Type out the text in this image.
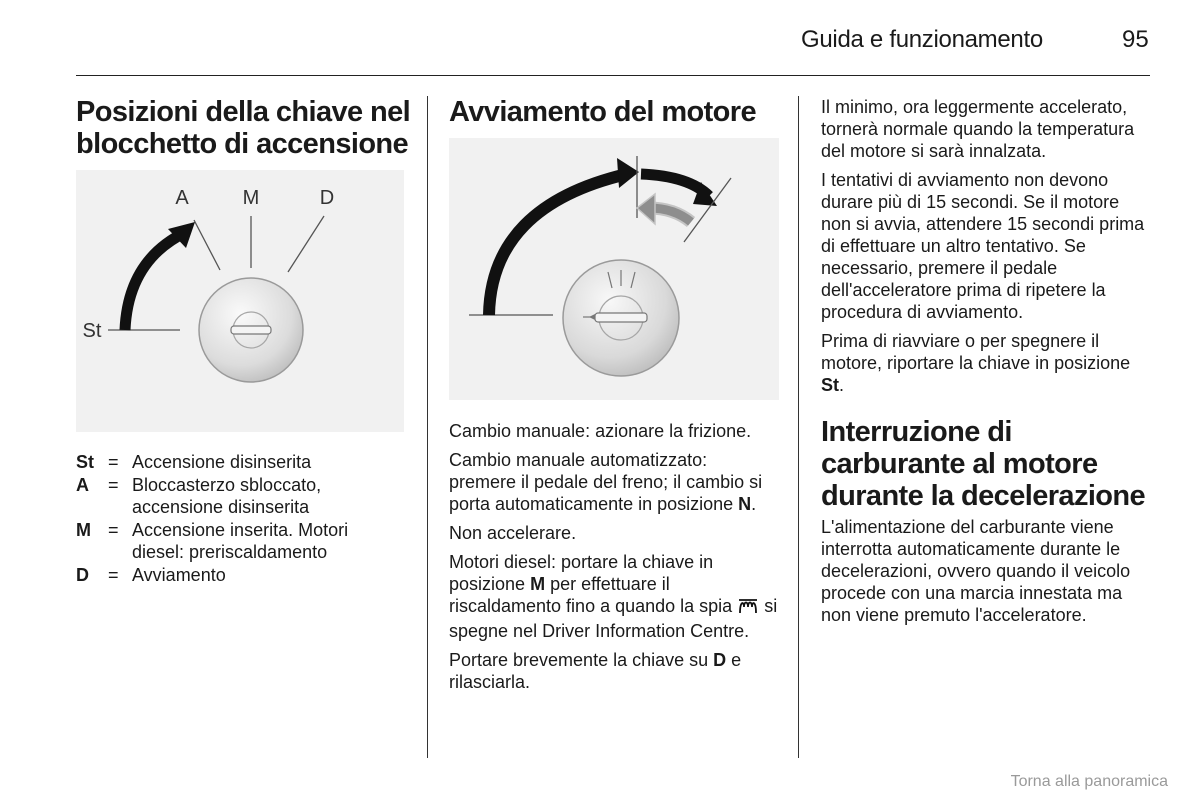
Guida e funzionamento	95
Posizioni della chiave nel blocchetto di accensione
A	M	D
St
St = Accensione disinserita
A	= Bloccasterzo sbloccato, accensione disinserita
M = Accensione inserita. Motori diesel: preriscaldamento
D	= Avviamento
Avviamento del motore

Cambio manuale: azionare la frizione.

Cambio manuale automatizzato: premere il pedale del freno; il cambio si porta automaticamente in posizione N.

Non accelerare.

Motori diesel: portare la chiave in posizione M per effettuare il riscaldamento fino a quando la spia  si spegne nel Driver Information Centre.

Portare brevemente la chiave su D e rilasciarla.

Il minimo, ora leggermente accelerato, tornerà normale quando la temperatura del motore si sarà innalzata.

I tentativi di avviamento non devono durare più di 15 secondi. Se il motore non si avvia, attendere 15 secondi prima di effettuare un altro tentativo. Se necessario, premere il pedale dell'acceleratore prima di ripetere la procedura di avviamento.

Prima di riavviare o per spegnere il motore, riportare la chiave in posizione St.

Interruzione di carburante al motore durante la decelerazione

L'alimentazione del carburante viene interrotta automaticamente durante le decelerazioni, ovvero quando il veicolo procede con una marcia innestata ma non viene premuto l'acceleratore.

Torna alla panoramica
